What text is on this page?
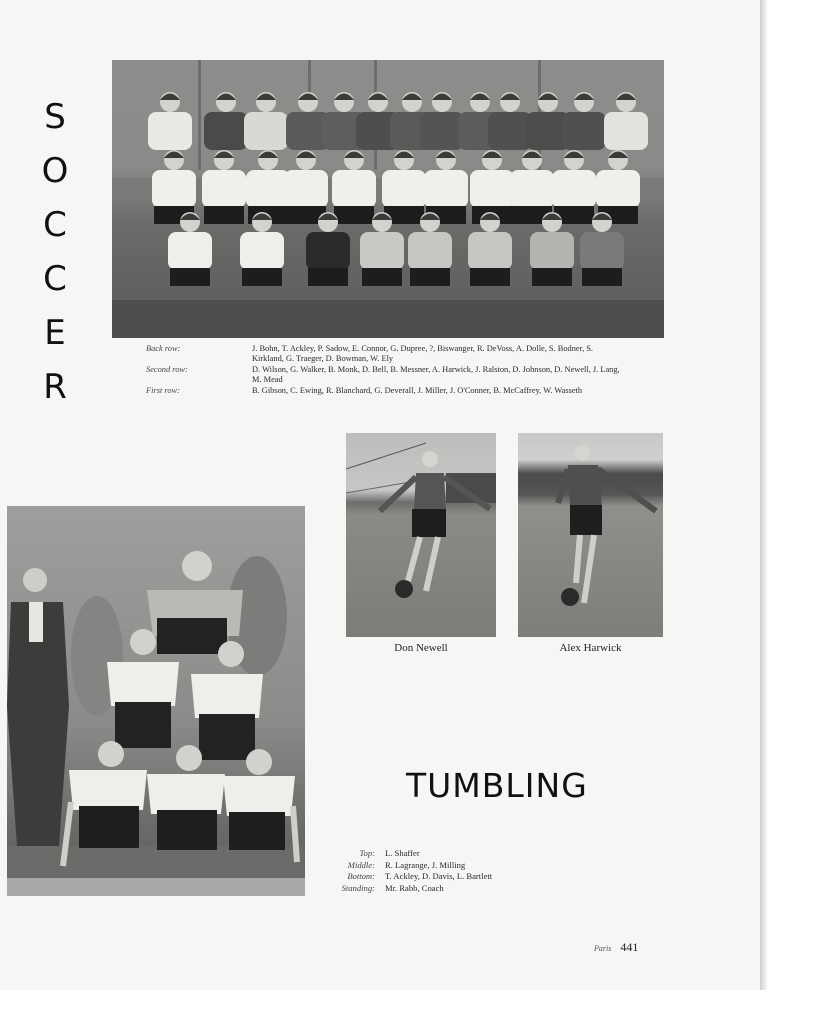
S
O
C
C
E
R
Back row:	J. Bohn, T. Ackley, P. Sadow, E. Connor, G. Dupree, ?, Biswanger, R. DeVoss, A. Dolle, S. Bodner, S. Kirkland, G. Traeger, D. Bowman, W. Ely
Second row:	D. Wilson, G. Walker, B. Monk, D. Bell, B. Messner, A. Harwick, J. Ralston, D. Johnson, D. Newell, J. Lang, M. Mead
First row:	B. Gibson, C. Ewing, R. Blanchard, G. Deverall, J. Miller, J. O'Conner, B. McCaffrey, W. Wasseth
Don Newell	Alex Harwick
TUMBLING
Top:	L. Shaffer
Middle:	R. Lagrange, J. Milling
Bottom:	T. Ackley, D. Davis, L. Bartlett
Standing:	Mr. Rabb, Coach
Paris 441
